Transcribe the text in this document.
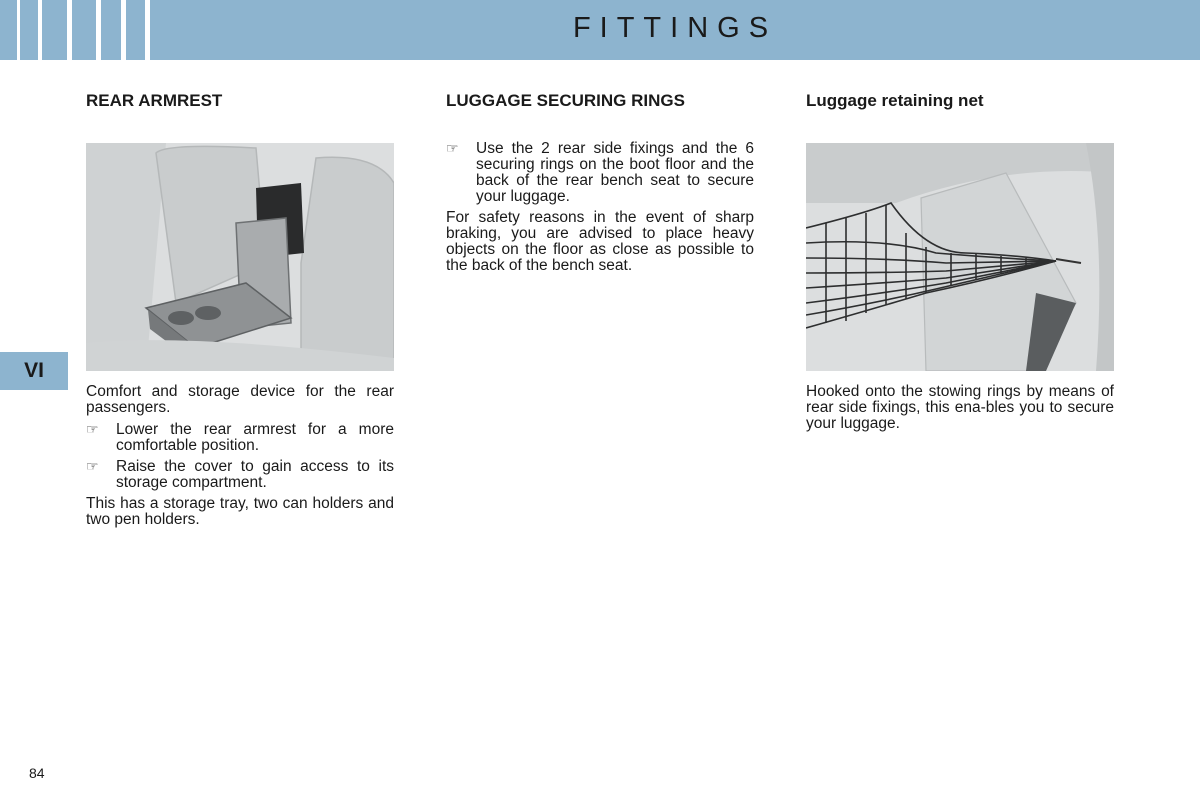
FITTINGS
VI
REAR ARMREST

Comfort and storage device for the rear passengers.

☞ Lower the rear armrest for a more comfortable position.
☞ Raise the cover to gain access to its storage compartment.

This has a storage tray, two can holders and two pen holders.

LUGGAGE SECURING RINGS
☞ Use the 2 rear side fixings and the 6 securing rings on the boot floor and the back of the rear bench seat to secure your luggage.

For safety reasons in the event of sharp braking, you are advised to place heavy objects on the floor as close as possible to the back of the bench seat.

Luggage retaining net

Hooked onto the stowing rings by means of rear side fixings, this ena-bles you to secure your luggage.

84
